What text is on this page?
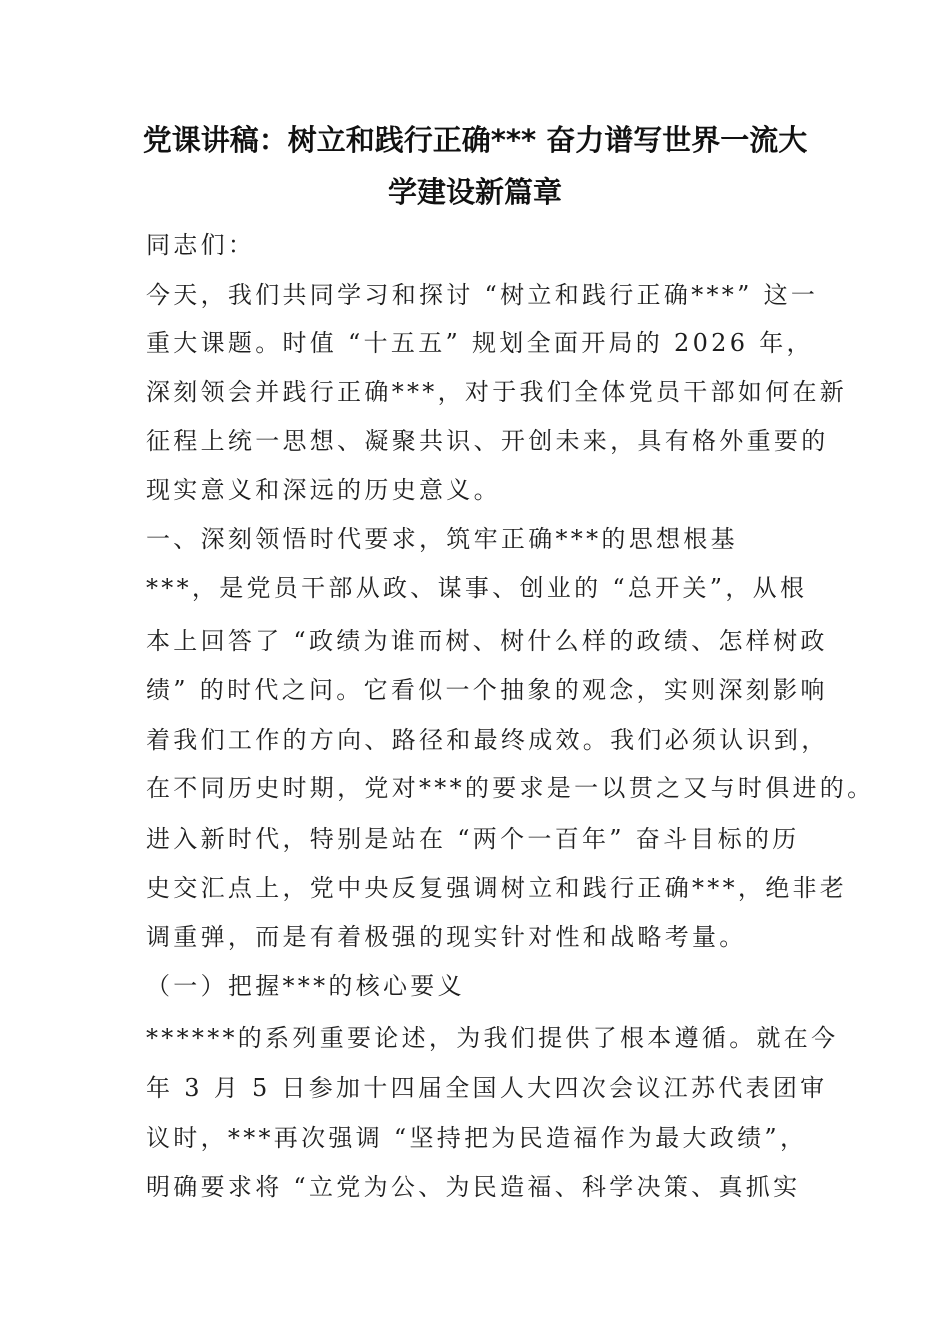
党课讲稿：树立和践行正确*** 奋力谱写世界一流大
学建设新篇章
同志们：
今天，我们共同学习和探讨 “树立和践行正确***” 这一
重大课题。时值 “十五五” 规划全面开局的 2026 年，
深刻领会并践行正确***，对于我们全体党员干部如何在新
征程上统一思想、凝聚共识、开创未来，具有格外重要的
现实意义和深远的历史意义。
一、深刻领悟时代要求，筑牢正确***的思想根基
***，是党员干部从政、谋事、创业的 “总开关”，从根
本上回答了 “政绩为谁而树、树什么样的政绩、怎样树政
绩” 的时代之问。它看似一个抽象的观念，实则深刻影响
着我们工作的方向、路径和最终成效。我们必须认识到，
在不同历史时期，党对***的要求是一以贯之又与时俱进的。
进入新时代，特别是站在 “两个一百年” 奋斗目标的历
史交汇点上，党中央反复强调树立和践行正确***，绝非老
调重弹，而是有着极强的现实针对性和战略考量。
（一）把握***的核心要义
******的系列重要论述，为我们提供了根本遵循。就在今
年 3 月 5 日参加十四届全国人大四次会议江苏代表团审
议时，***再次强调 “坚持把为民造福作为最大政绩”，
明确要求将 “立党为公、为民造福、科学决策、真抓实
